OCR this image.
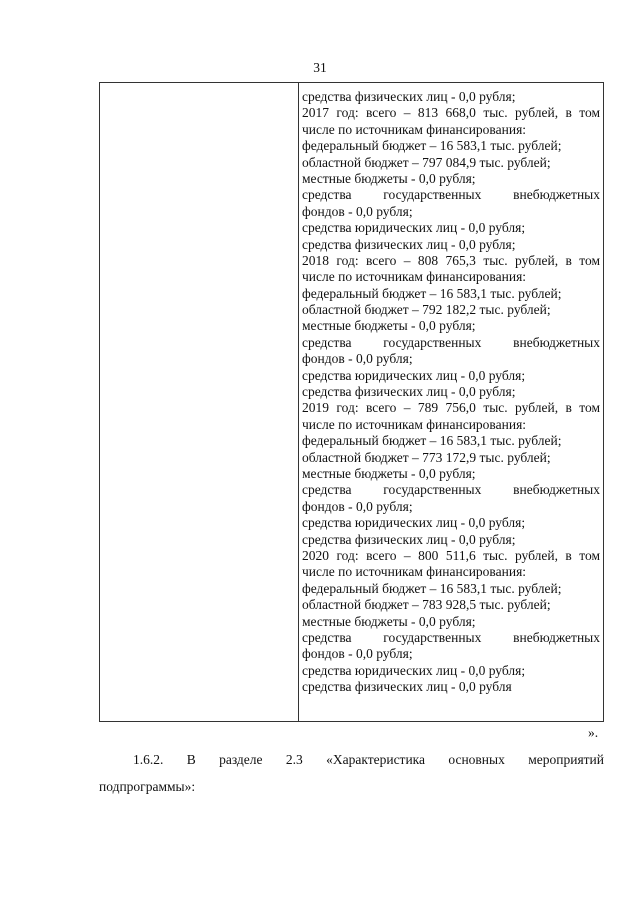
31
средства физических лиц - 0,0 рубля;
2017 год: всего – 813 668,0 тыс. рублей, в том
числе по источникам финансирования:
федеральный бюджет – 16 583,1 тыс. рублей;
областной бюджет – 797 084,9 тыс. рублей;
местные бюджеты - 0,0 рубля;
средства государственных внебюджетных
фондов - 0,0 рубля;
средства юридических лиц - 0,0 рубля;
средства физических лиц - 0,0 рубля;
2018 год: всего – 808 765,3 тыс. рублей, в том
числе по источникам финансирования:
федеральный бюджет – 16 583,1 тыс. рублей;
областной бюджет – 792 182,2 тыс. рублей;
местные бюджеты - 0,0 рубля;
средства государственных внебюджетных
фондов - 0,0 рубля;
средства юридических лиц - 0,0 рубля;
средства физических лиц - 0,0 рубля;
2019 год: всего – 789 756,0 тыс. рублей, в том
числе по источникам финансирования:
федеральный бюджет – 16 583,1 тыс. рублей;
областной бюджет – 773 172,9 тыс. рублей;
местные бюджеты - 0,0 рубля;
средства государственных внебюджетных
фондов - 0,0 рубля;
средства юридических лиц - 0,0 рубля;
средства физических лиц - 0,0 рубля;
2020 год: всего – 800 511,6 тыс. рублей, в том
числе по источникам финансирования:
федеральный бюджет – 16 583,1 тыс. рублей;
областной бюджет – 783 928,5 тыс. рублей;
местные бюджеты - 0,0 рубля;
средства государственных внебюджетных
фондов - 0,0 рубля;
средства юридических лиц - 0,0 рубля;
средства физических лиц - 0,0 рубля
».
1.6.2. В разделе 2.3 «Характеристика основных мероприятий
подпрограммы»:
